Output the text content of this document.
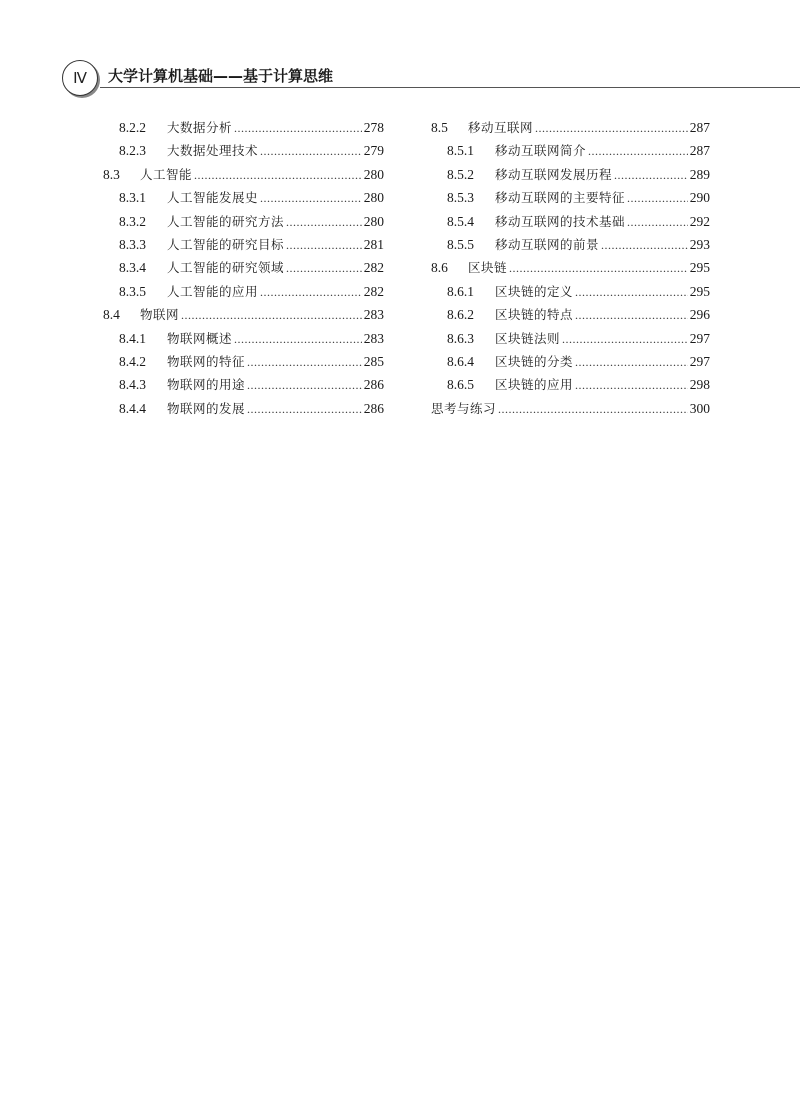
Ⅳ	大学计算机基础——基于计算思维
8.2.2	大数据分析 .....	278
8.2.3	大数据处理技术 .....	279
8.3	人工智能 .....	280
8.3.1	人工智能发展史 .....	280
8.3.2	人工智能的研究方法 .....	280
8.3.3	人工智能的研究目标 .....	281
8.3.4	人工智能的研究领域 .....	282
8.3.5	人工智能的应用 .....	282
8.4	物联网 .....	283
8.4.1	物联网概述 .....	283
8.4.2	物联网的特征 .....	285
8.4.3	物联网的用途 .....	286
8.4.4	物联网的发展 .....	286
8.5	移动互联网 .....	287
8.5.1	移动互联网简介 .....	287
8.5.2	移动互联网发展历程 .....	289
8.5.3	移动互联网的主要特征 .....	290
8.5.4	移动互联网的技术基础 .....	292
8.5.5	移动互联网的前景 .....	293
8.6	区块链 .....	295
8.6.1	区块链的定义 .....	295
8.6.2	区块链的特点 .....	296
8.6.3	区块链法则 .....	297
8.6.4	区块链的分类 .....	297
8.6.5	区块链的应用 .....	298
思考与练习 .....	300
